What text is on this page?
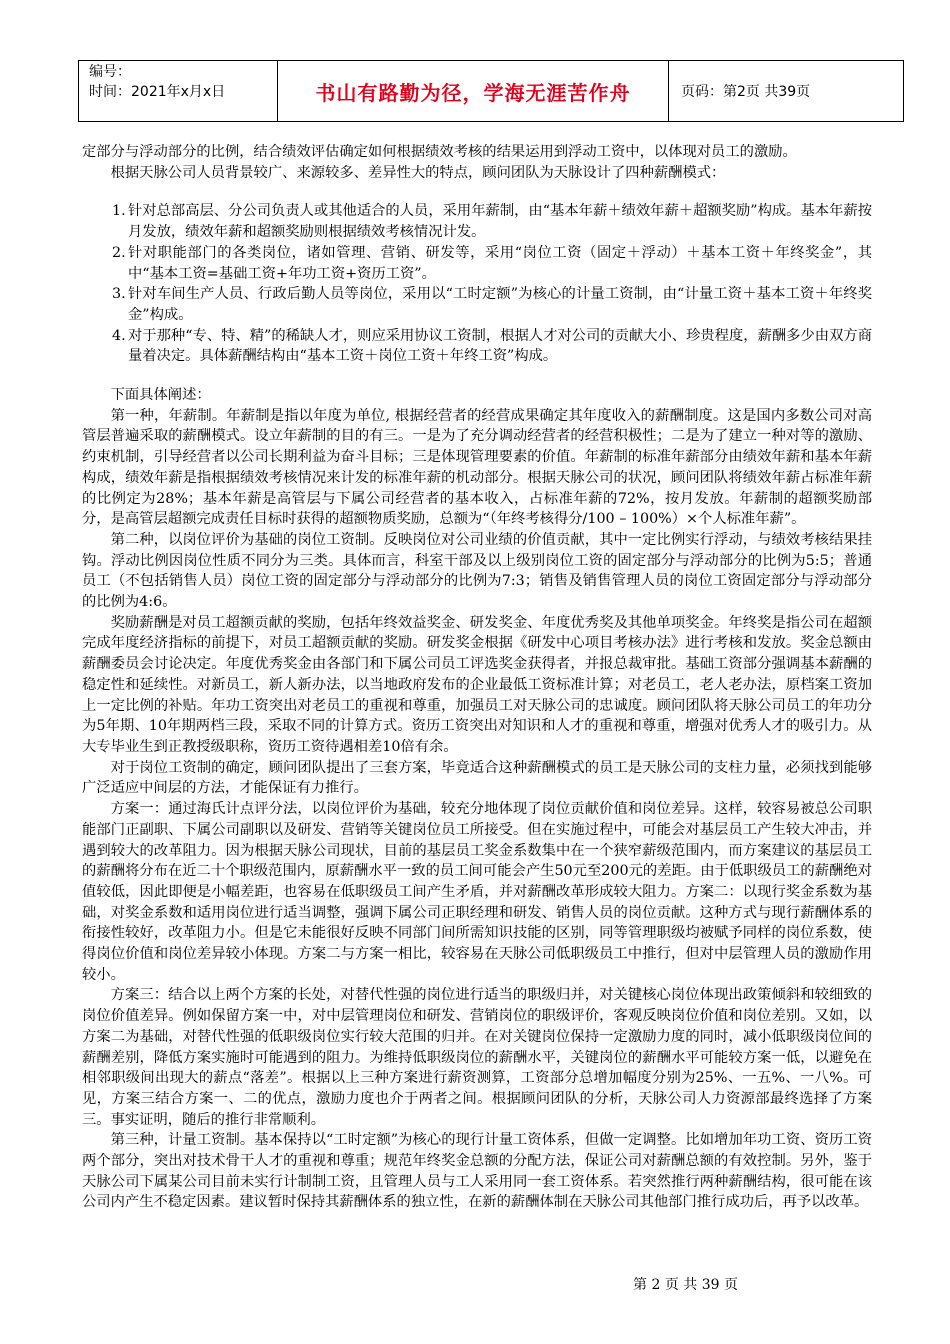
编号：
时间：2021年x月x日	书山有路勤为径，学海无涯苦作舟	页码：第2页 共39页

定部分与浮动部分的比例，结合绩效评估确定如何根据绩效考核的结果运用到浮动工资中，以体现对员工的激励。

根据天脉公司人员背景较广、来源较多、差异性大的特点，顾问团队为天脉设计了四种薪酬模式：

1. 针对总部高层、分公司负责人或其他适合的人员，采用年薪制，由“基本年薪＋绩效年薪＋超额奖励”构成。基本年薪按月发放，绩效年薪和超额奖励则根据绩效考核情况计发。
2. 针对职能部门的各类岗位，诸如管理、营销、研发等，采用“岗位工资（固定＋浮动）＋基本工资＋年终奖金”，其中“基本工资=基础工资+年功工资+资历工资”。
3. 针对车间生产人员、行政后勤人员等岗位，采用以“工时定额”为核心的计量工资制，由“计量工资＋基本工资＋年终奖金”构成。
4. 对于那种“专、特、精”的稀缺人才，则应采用协议工资制，根据人才对公司的贡献大小、珍贵程度，薪酬多少由双方商量着决定。具体薪酬结构由“基本工资＋岗位工资＋年终工资”构成。

下面具体阐述：

第一种，年薪制。年薪制是指以年度为单位, 根据经营者的经营成果确定其年度收入的薪酬制度。这是国内多数公司对高管层普遍采取的薪酬模式。设立年薪制的目的有三。一是为了充分调动经营者的经营积极性；二是为了建立一种对等的激励、约束机制，引导经营者以公司长期利益为奋斗目标；三是体现管理要素的价值。年薪制的标准年薪部分由绩效年薪和基本年薪构成，绩效年薪是指根据绩效考核情况来计发的标准年薪的机动部分。根据天脉公司的状况，顾问团队将绩效年薪占标准年薪的比例定为28%；基本年薪是高管层与下属公司经营者的基本收入，占标准年薪的72%，按月发放。年薪制的超额奖励部分，是高管层超额完成责任目标时获得的超额物质奖励，总额为“（年终考核得分/100 – 100%）×个人标准年薪”。

第二种，以岗位评价为基础的岗位工资制。反映岗位对公司业绩的价值贡献，其中一定比例实行浮动，与绩效考核结果挂钩。浮动比例因岗位性质不同分为三类。具体而言，科室干部及以上级别岗位工资的固定部分与浮动部分的比例为5:5；普通员工（不包括销售人员）岗位工资的固定部分与浮动部分的比例为7:3；销售及销售管理人员的岗位工资固定部分与浮动部分的比例为4:6。

奖励薪酬是对员工超额贡献的奖励，包括年终效益奖金、研发奖金、年度优秀奖及其他单项奖金。年终奖是指公司在超额完成年度经济指标的前提下，对员工超额贡献的奖励。研发奖金根据《研发中心项目考核办法》进行考核和发放。奖金总额由薪酬委员会讨论决定。年度优秀奖金由各部门和下属公司员工评选奖金获得者，并报总裁审批。基础工资部分强调基本薪酬的稳定性和延续性。对新员工，新人新办法，以当地政府发布的企业最低工资标准计算；对老员工，老人老办法，原档案工资加上一定比例的补贴。年功工资突出对老员工的重视和尊重，加强员工对天脉公司的忠诚度。顾问团队将天脉公司员工的年功分为5年期、10年期两档三段，采取不同的计算方式。资历工资突出对知识和人才的重视和尊重，增强对优秀人才的吸引力。从大专毕业生到正教授级职称，资历工资待遇相差10倍有余。

对于岗位工资制的确定，顾问团队提出了三套方案，毕竟适合这种薪酬模式的员工是天脉公司的支柱力量，必须找到能够广泛适应中间层的方法，才能保证有力推行。

方案一：通过海氏计点评分法，以岗位评价为基础，较充分地体现了岗位贡献价值和岗位差异。这样，较容易被总公司职能部门正副职、下属公司副职以及研发、营销等关键岗位员工所接受。但在实施过程中，可能会对基层员工产生较大冲击，并遇到较大的改革阻力。因为根据天脉公司现状，目前的基层员工奖金系数集中在一个狭窄薪级范围内，而方案建议的基层员工的薪酬将分布在近二十个职级范围内，原薪酬水平一致的员工间可能会产生50元至200元的差距。由于低职级员工的薪酬绝对值较低，因此即便是小幅差距，也容易在低职级员工间产生矛盾，并对薪酬改革形成较大阻力。方案二：以现行奖金系数为基础，对奖金系数和适用岗位进行适当调整，强调下属公司正职经理和研发、销售人员的岗位贡献。这种方式与现行薪酬体系的衔接性较好，改革阻力小。但是它未能很好反映不同部门间所需知识技能的区别，同等管理职级均被赋予同样的岗位系数，使得岗位价值和岗位差异较小体现。方案二与方案一相比，较容易在天脉公司低职级员工中推行，但对中层管理人员的激励作用较小。

方案三：结合以上两个方案的长处，对替代性强的岗位进行适当的职级归并，对关键核心岗位体现出政策倾斜和较细致的岗位价值差异。例如保留方案一中，对中层管理岗位和研发、营销岗位的职级评价，客观反映岗位价值和岗位差别。又如，以方案二为基础，对替代性强的低职级岗位实行较大范围的归并。在对关键岗位保持一定激励力度的同时，减小低职级岗位间的薪酬差别，降低方案实施时可能遇到的阻力。为维持低职级岗位的薪酬水平，关键岗位的薪酬水平可能较方案一低，以避免在相邻职级间出现大的薪点“落差”。根据以上三种方案进行薪资测算，工资部分总增加幅度分别为25%、一五%、一八%。可见，方案三结合方案一、二的优点，激励力度也介于两者之间。根据顾问团队的分析，天脉公司人力资源部最终选择了方案三。事实证明，随后的推行非常顺利。

第三种，计量工资制。基本保持以“工时定额”为核心的现行计量工资体系，但做一定调整。比如增加年功工资、资历工资两个部分，突出对技术骨干人才的重视和尊重；规范年终奖金总额的分配方法，保证公司对薪酬总额的有效控制。另外，鉴于天脉公司下属某公司目前未实行计制制工资，且管理人员与工人采用同一套工资体系。若突然推行两种薪酬结构，很可能在该公司内产生不稳定因素。建议暂时保持其薪酬体系的独立性，在新的薪酬体制在天脉公司其他部门推行成功后，再予以改革。

第 2 页 共 39 页
